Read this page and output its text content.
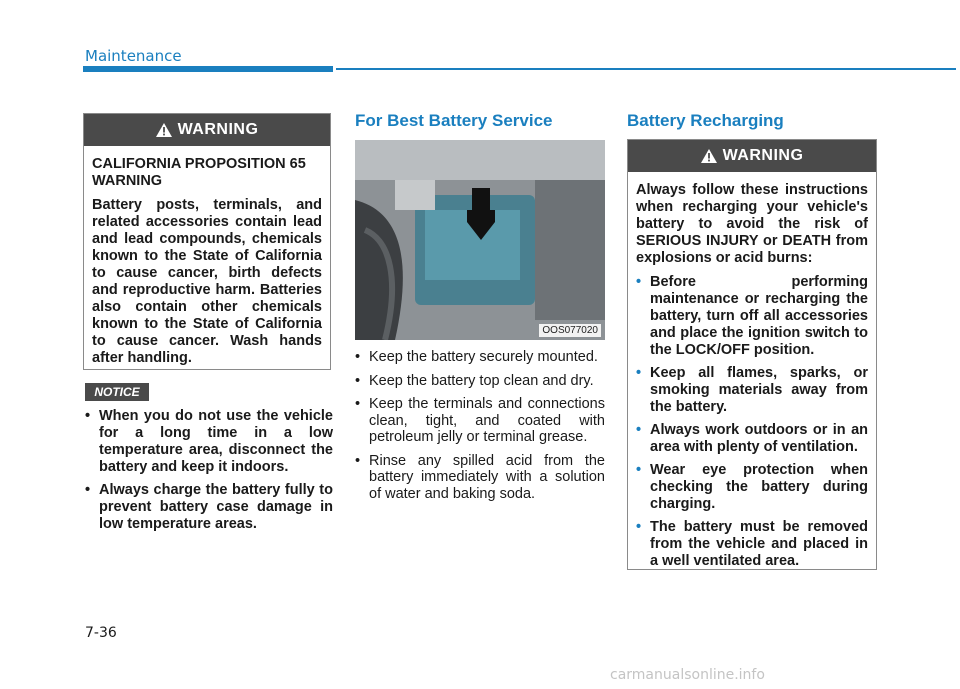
Maintenance
WARNING

CALIFORNIA PROPOSITION 65 WARNING

Battery posts, terminals, and related accessories contain lead and lead compounds, chemicals known to the State of California to cause cancer, birth defects and reproductive harm. Batteries also contain other chemicals known to the State of California to cause cancer. Wash hands after handling.

NOTICE
• When you do not use the vehicle for a long time in a low temperature area, disconnect the battery and keep it indoors.
• Always charge the battery fully to prevent battery case damage in low temperature areas.
For Best Battery Service
OOS077020
• Keep the battery securely mounted.
• Keep the battery top clean and dry.
• Keep the terminals and connections clean, tight, and coated with petroleum jelly or terminal grease.
• Rinse any spilled acid from the battery immediately with a solution of water and baking soda.
Battery Recharging
WARNING

Always follow these instructions when recharging your vehicle's battery to avoid the risk of SERIOUS INJURY or DEATH from explosions or acid burns:

• Before performing maintenance or recharging the battery, turn off all accessories and place the ignition switch to the LOCK/OFF position.
• Keep all flames, sparks, or smoking materials away from the battery.
• Always work outdoors or in an area with plenty of ventilation.
• Wear eye protection when checking the battery during charging.
• The battery must be removed from the vehicle and placed in a well ventilated area.
7-36
carmanualsonline.info
